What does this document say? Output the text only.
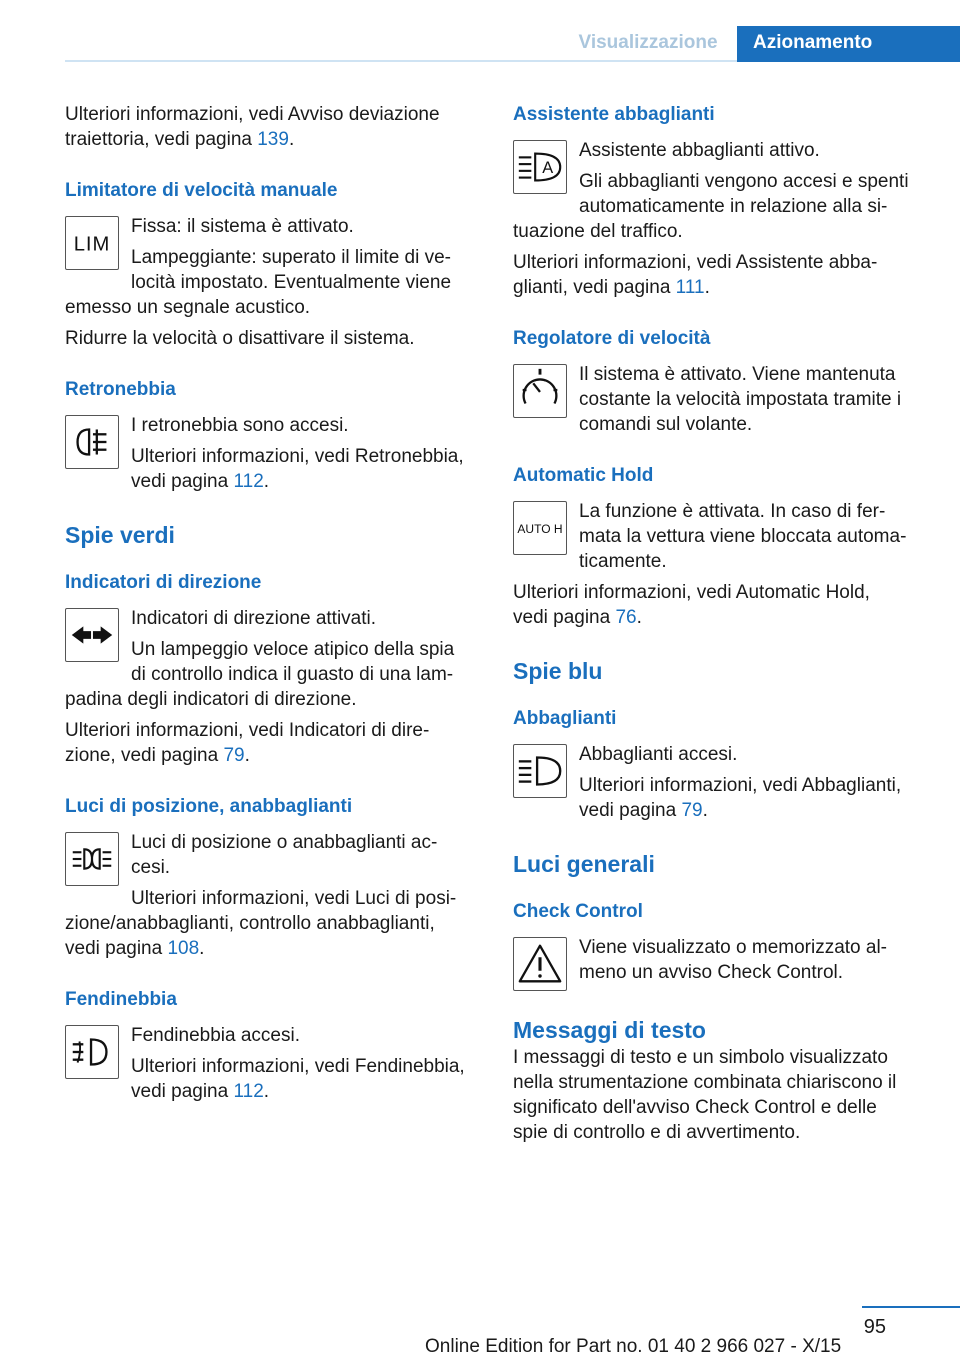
Visualizzazione	Azionamento

Ulteriori informazioni, vedi Avviso deviazione traiettoria, vedi pagina 139.

Limitatore di velocità manuale
LIM

Fissa: il sistema è attivato.

Lampeggiante: superato il limite di ve-
locità impostato. Eventualmente viene

emesso un segnale acustico.

Ridurre la velocità o disattivare il sistema.

Retronebbia

I retronebbia sono accesi.

Ulteriori informazioni, vedi Retronebbia,
vedi pagina 112.

Spie verdi
Indicatori di direzione

Indicatori di direzione attivati.

Un lampeggio veloce atipico della spia
di controllo indica il guasto di una lam-

padina degli indicatori di direzione.

Ulteriori informazioni, vedi Indicatori di dire-
zione, vedi pagina 79.

Luci di posizione, anabbaglianti

Luci di posizione o anabbaglianti ac-
cesi.

Ulteriori informazioni, vedi Luci di posi-

zione/anabbaglianti, controllo anabbaglianti,
vedi pagina 108.

Fendinebbia

Fendinebbia accesi.

Ulteriori informazioni, vedi Fendinebbia,
vedi pagina 112.

Assistente abbaglianti
A

Assistente abbaglianti attivo.

Gli abbaglianti vengono accesi e spenti
automaticamente in relazione alla si-

tuazione del traffico.

Ulteriori informazioni, vedi Assistente abba-
glianti, vedi pagina 111.

Regolatore di velocità

Il sistema è attivato. Viene mantenuta
costante la velocità impostata tramite i
comandi sul volante.

Automatic Hold
AUTO H

La funzione è attivata. In caso di fer-
mata la vettura viene bloccata automa-

ticamente.

Ulteriori informazioni, vedi Automatic Hold,
vedi pagina 76.

Spie blu
Abbaglianti

Abbaglianti accesi.

Ulteriori informazioni, vedi Abbaglianti,
vedi pagina 79.

Luci generali
Check Control

Viene visualizzato o memorizzato al-
meno un avviso Check Control.

Messaggi di testo

I messaggi di testo e un simbolo visualizzato
nella strumentazione combinata chiariscono il
significato dell'avviso Check Control e delle
spie di controllo e di avvertimento.

95
Online Edition for Part no. 01 40 2 966 027 - X/15
